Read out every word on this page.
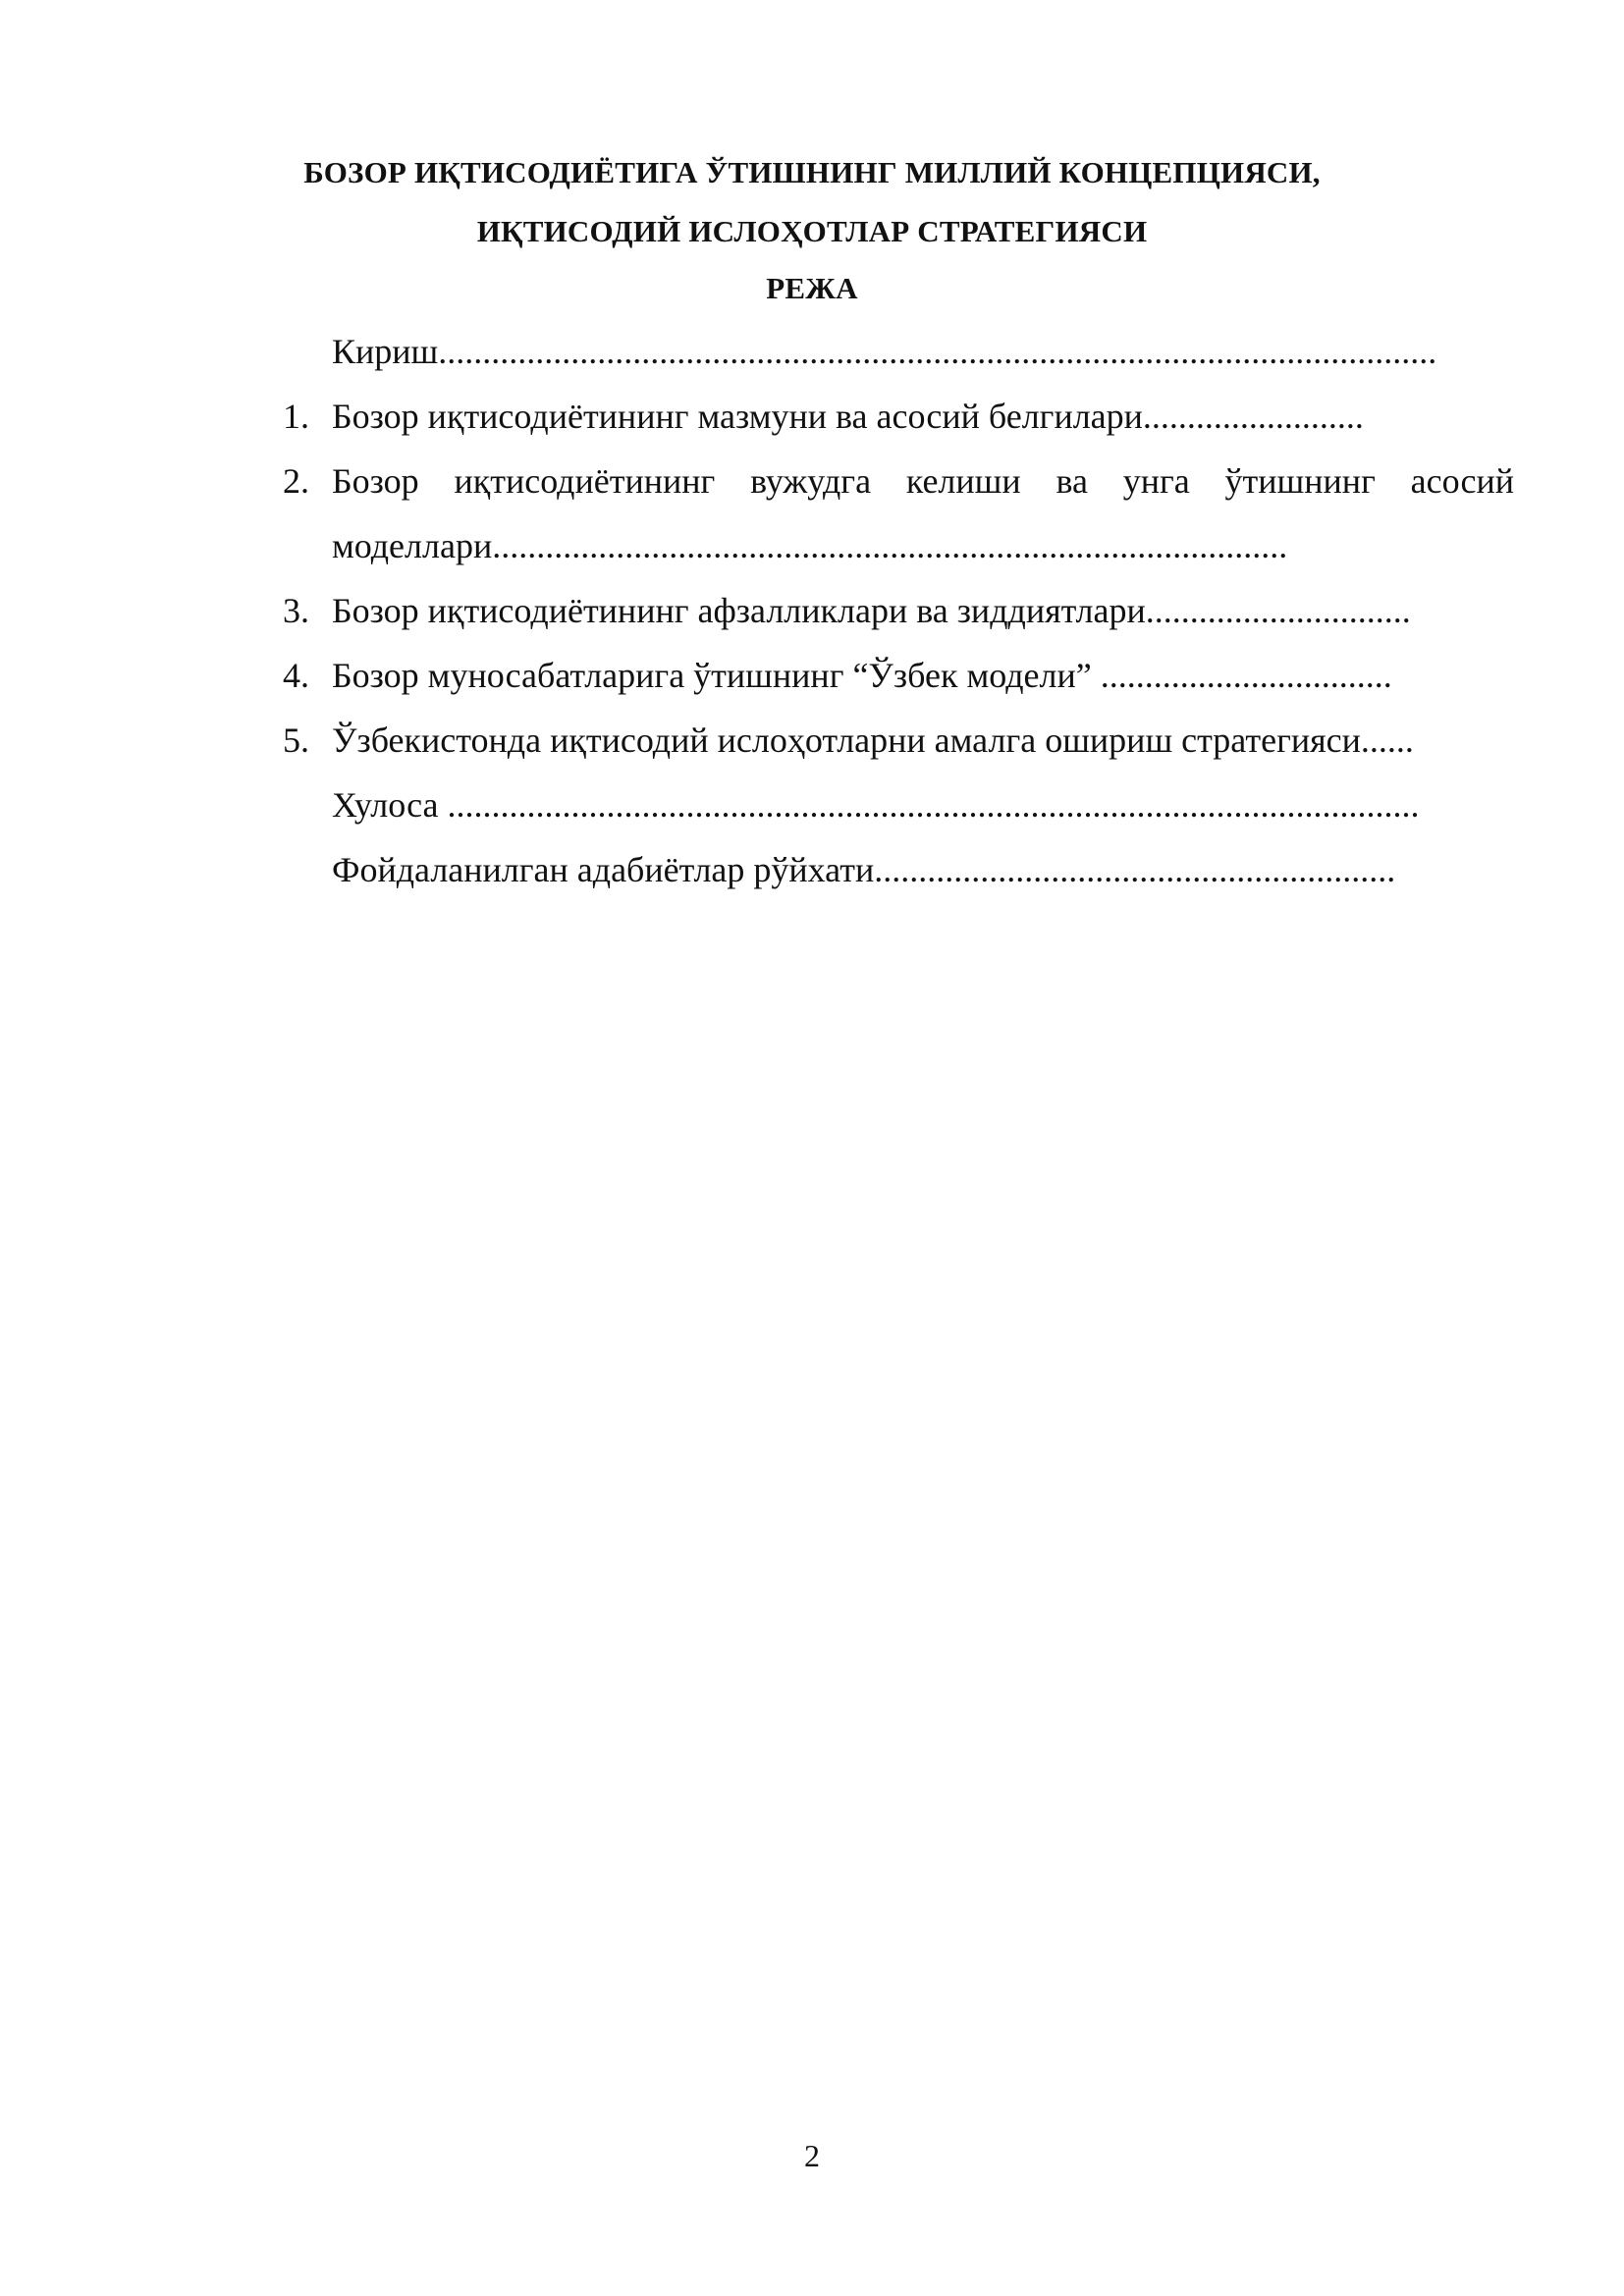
БОЗОР ИҚТИСОДИЁТИГА ЎТИШНИНГ МИЛЛИЙ КОНЦЕПЦИЯСИ,
ИҚТИСОДИЙ ИСЛОҲОТЛАР СТРАТЕГИЯСИ
РЕЖА
Кириш.................................................................................................................
1. Бозор иқтисодиётининг мазмуни ва асосий белгилари.........................
2. Бозор иқтисодиётининг вужудга келиши ва унга ўтишнинг асосий
моделлари..........................................................................................
3. Бозор иқтисодиётининг афзалликлари ва зиддиятлари..............................
4. Бозор муносабатларига ўтишнинг “Ўзбек модели” .................................
5. Ўзбекистонда иқтисодий ислоҳотларни амалга ошириш стратегияси......
Хулоса ..............................................................................................................
Фойдаланилган адабиётлар рўйхати...........................................................
2
